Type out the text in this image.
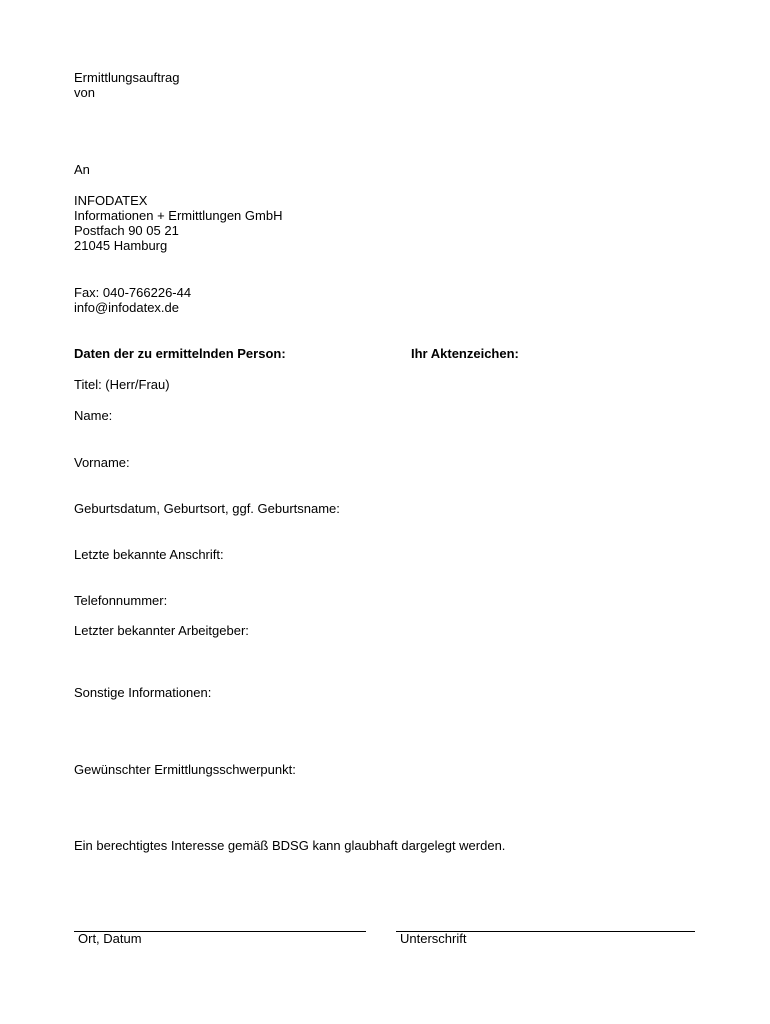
Ermittlungsauftrag
von
An
INFODATEX
Informationen + Ermittlungen GmbH
Postfach 90 05 21
21045 Hamburg
Fax: 040-766226-44
info@infodatex.de
Daten der zu ermittelnden Person:	Ihr Aktenzeichen:
Titel: (Herr/Frau)
Name:
Vorname:
Geburtsdatum, Geburtsort, ggf. Geburtsname:
Letzte bekannte Anschrift:
Telefonnummer:
Letzter bekannter Arbeitgeber:
Sonstige Informationen:
Gewünschter Ermittlungsschwerpunkt:
Ein berechtigtes Interesse gemäß BDSG kann glaubhaft dargelegt werden.
Ort, Datum	Unterschrift
